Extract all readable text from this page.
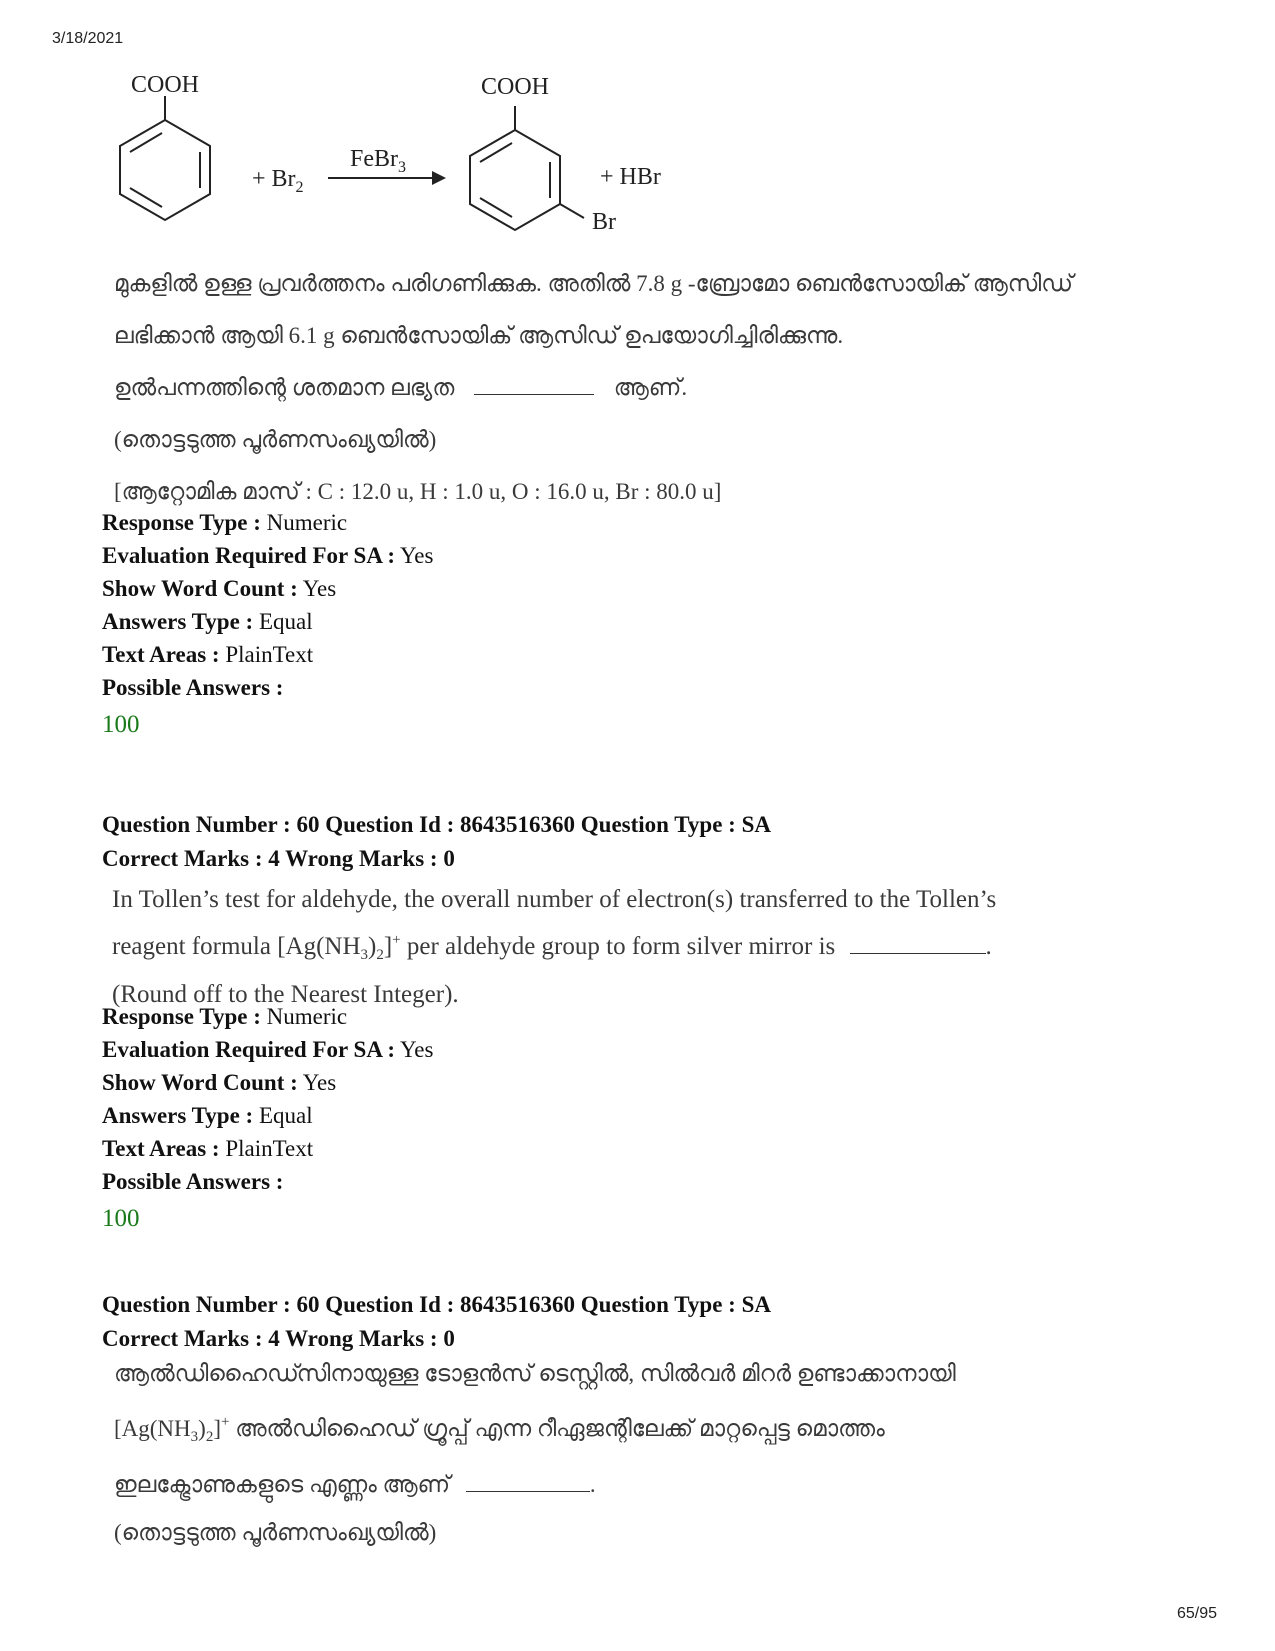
3/18/2021
COOH
+ $Br_2$
FeBr$_3$
COOH
+ HBr
Br
മുകളിൽ ഉള്ള പ്രവർത്തനം പരിഗണിക്കുക. അതിൽ 7.8 g -ബ്രോമോ ബെൻസോയിക് ആസിഡ്
ലഭിക്കാൻ ആയി 6.1 g ബെൻസോയിക് ആസിഡ് ഉപയോഗിച്ചിരിക്കുന്നു.
ഉൽപന്നത്തിന്റെ ശതമാന ലഭ്യത	ആണ്.
(തൊട്ടടുത്ത പൂർണസംഖ്യയിൽ)
[ആറ്റോമിക മാസ് : C : 12.0 u, H : 1.0 u, O : 16.0 u, Br : 80.0 u]
Response Type : Numeric
Evaluation Required For SA : Yes
Show Word Count : Yes
Answers Type : Equal
Text Areas : PlainText
Possible Answers :
100
Question Number : 60 Question Id : 8643516360 Question Type : SA
Correct Marks : 4 Wrong Marks : 0
In Tollen’s test for aldehyde, the overall number of electron(s) transferred to the Tollen’s
reagent formula $[Ag(NH_3)_2]^+$ per aldehyde group to form silver mirror is	.
(Round off to the Nearest Integer).
Response Type : Numeric
Evaluation Required For SA : Yes
Show Word Count : Yes
Answers Type : Equal
Text Areas : PlainText
Possible Answers :
100
Question Number : 60 Question Id : 8643516360 Question Type : SA
Correct Marks : 4 Wrong Marks : 0
ആൽഡിഹൈഡ്സിനായുള്ള ടോളൻസ് ടെസ്റ്റിൽ, സിൽവർ മിറർ ഉണ്ടാക്കാനായി
$[Ag(NH_3)_2]^+$ അൽഡിഹൈഡ് ഗ്രൂപ്പ് എന്ന റീഏജന്റിലേക്ക് മാറ്റപ്പെട്ട മൊത്തം
ഇലക്ട്രോണുകളുടെ എണ്ണം ആണ്	.
(തൊട്ടടുത്ത പൂർണസംഖ്യയിൽ)
65/95
